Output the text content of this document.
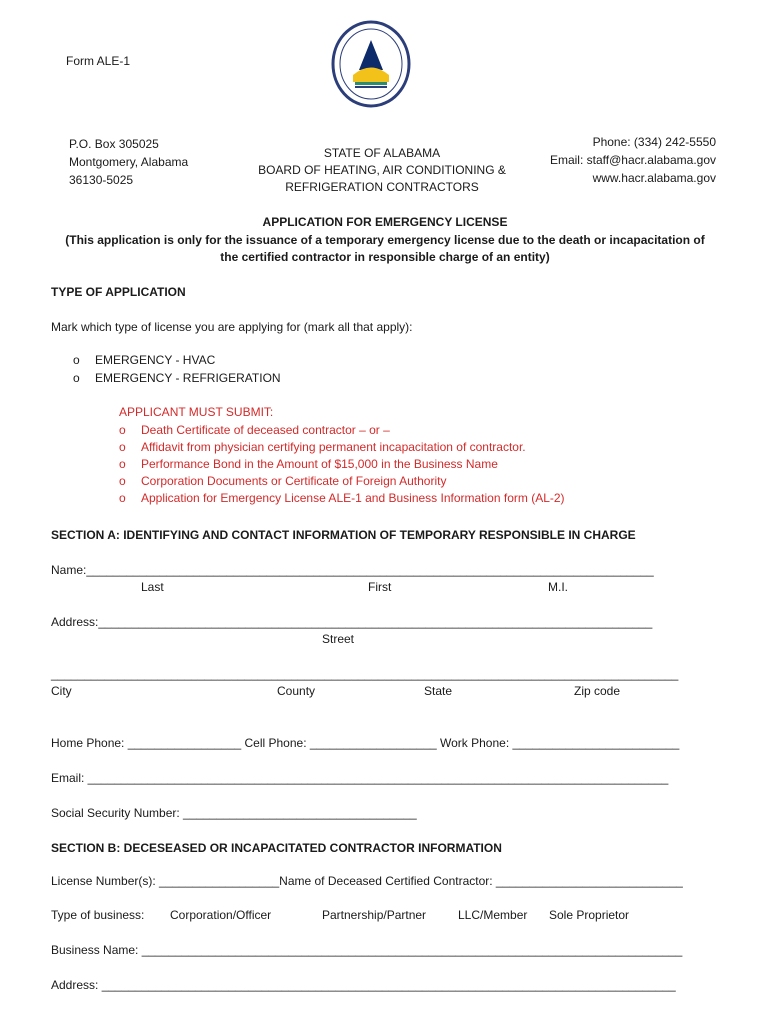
Form ALE-1
P.O. Box 305025
Montgomery, Alabama
36130-5025
STATE OF ALABAMA
BOARD OF HEATING, AIR CONDITIONING &
REFRIGERATION CONTRACTORS
Phone: (334) 242-5550
Email: staff@hacr.alabama.gov
www.hacr.alabama.gov
APPLICATION FOR EMERGENCY LICENSE
(This application is only for the issuance of a temporary emergency license due to the death or incapacitation of
the certified contractor in responsible charge of an entity)
TYPE OF APPLICATION
Mark which type of license you are applying for (mark all that apply):
o EMERGENCY - HVAC
o EMERGENCY - REFRIGERATION
APPLICANT MUST SUBMIT:
o Death Certificate of deceased contractor – or –
o Affidavit from physician certifying permanent incapacitation of contractor.
o Performance Bond in the Amount of $15,000 in the Business Name
o Corporation Documents or Certificate of Foreign Authority
o Application for Emergency License ALE-1 and Business Information form (AL-2)
SECTION A: IDENTIFYING AND CONTACT INFORMATION OF TEMPORARY RESPONSIBLE IN CHARGE
Name:_____________________________________________________________________________________
Last	First	M.I.
Address:___________________________________________________________________________________
Street
______________________________________________________________________________________________
City	County	State	Zip code
Home Phone: _________________ Cell Phone: ___________________ Work Phone: _________________________
Email: _______________________________________________________________________________________
Social Security Number: ___________________________________
SECTION B: DECESEASED OR INCAPACITATED CONTRACTOR INFORMATION
License Number(s): __________________Name of Deceased Certified Contractor: ____________________________
Type of business: Corporation/Officer	Partnership/Partner	LLC/Member Sole Proprietor
Business Name: _________________________________________________________________________________
Address: ______________________________________________________________________________________
